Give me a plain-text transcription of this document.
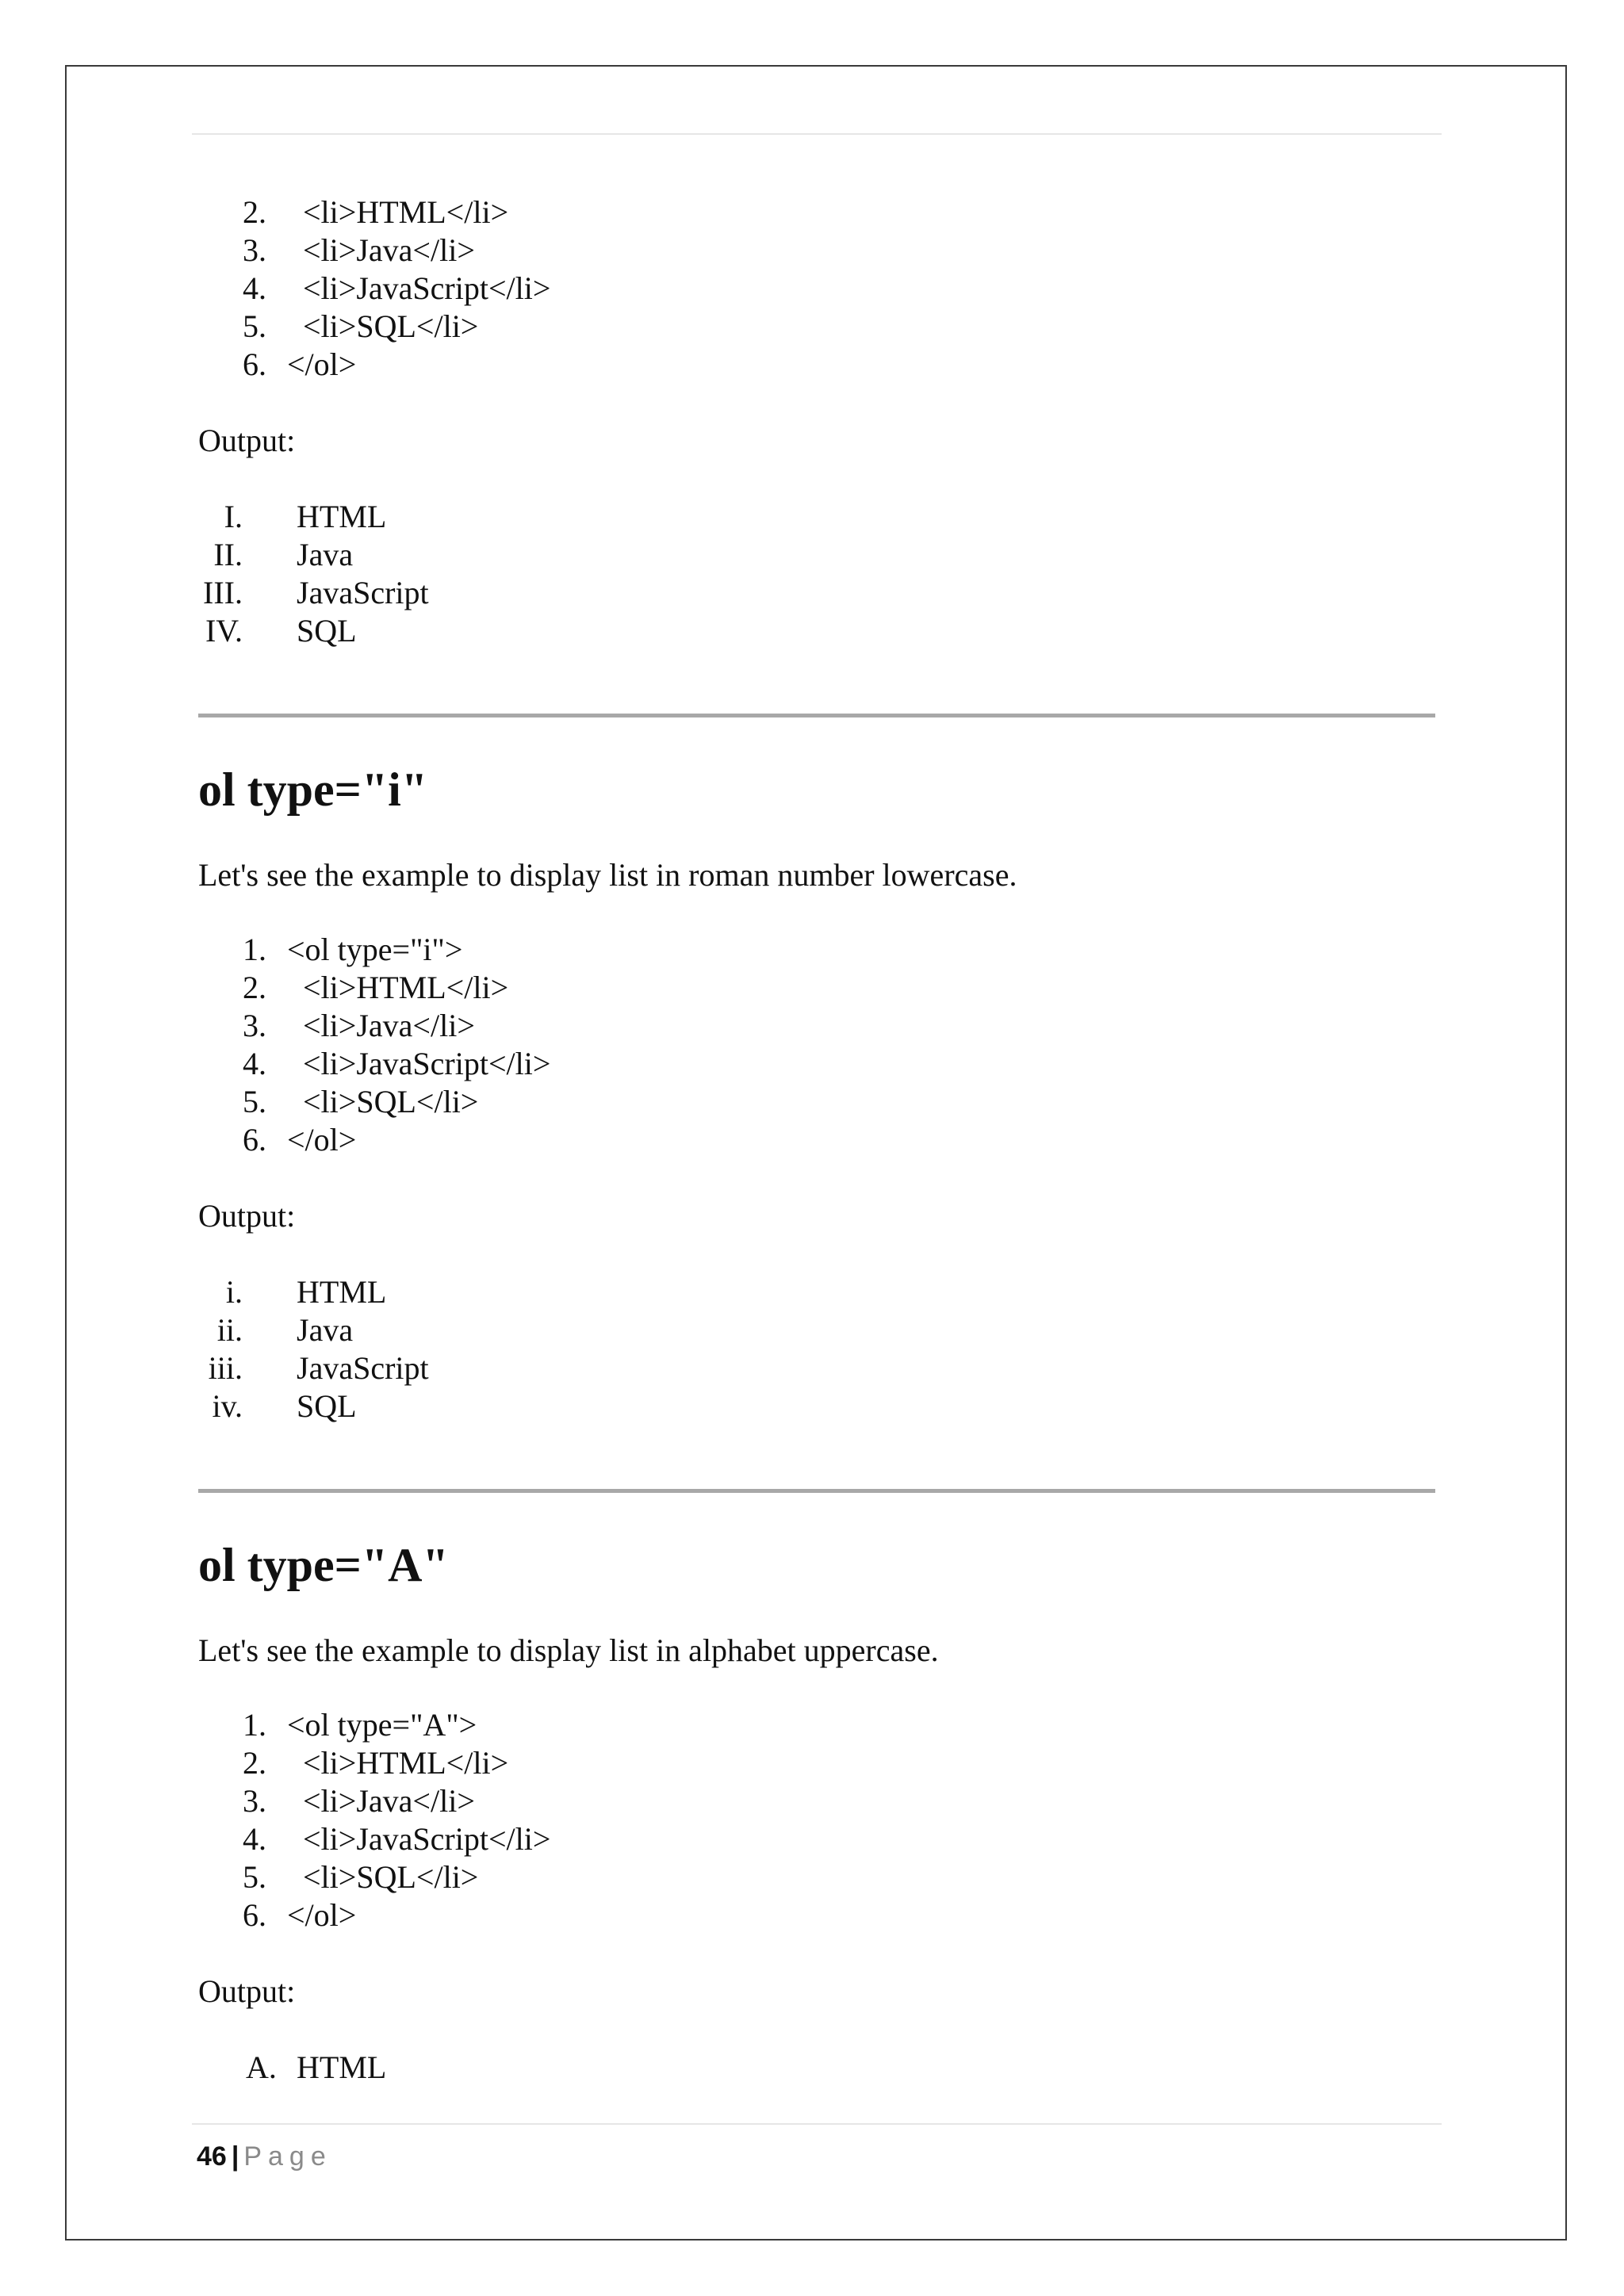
2.  <li>HTML</li>
3.  <li>Java</li>
4.  <li>JavaScript</li>
5.  <li>SQL</li>
6. </ol>
Output:
I. HTML
II. Java
III. JavaScript
IV. SQL
ol type="i"
Let's see the example to display list in roman number lowercase.
1. <ol type="i">
2.  <li>HTML</li>
3.  <li>Java</li>
4.  <li>JavaScript</li>
5.  <li>SQL</li>
6. </ol>
Output:
i. HTML
ii. Java
iii. JavaScript
iv. SQL
ol type="A"
Let's see the example to display list in alphabet uppercase.
1. <ol type="A">
2.  <li>HTML</li>
3.  <li>Java</li>
4.  <li>JavaScript</li>
5.  <li>SQL</li>
6. </ol>
Output:
A. HTML
46 | Page
